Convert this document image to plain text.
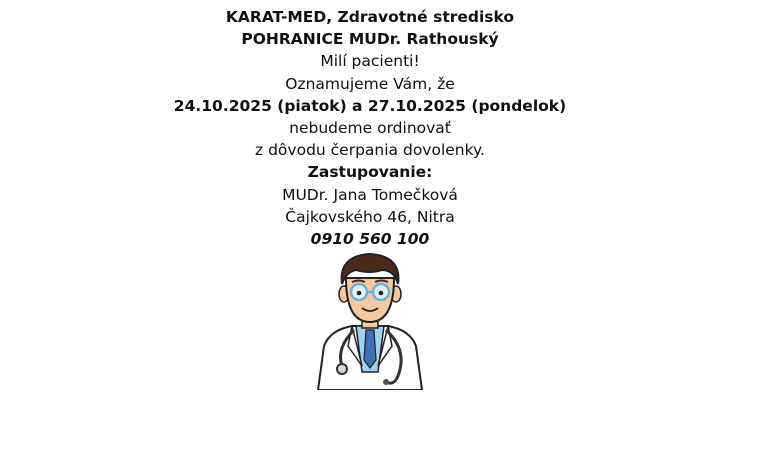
KARAT-MED, Zdravotné stredisko
POHRANICE MUDr. Rathouský
Milí pacienti!
Oznamujeme Vám, že
24.10.2025 (piatok) a 27.10.2025 (pondelok)
nebudeme ordinovať
z dôvodu čerpania dovolenky.
Zastupovanie:
MUDr. Jana Tomečková
Čajkovského 46, Nitra
0910 560 100
